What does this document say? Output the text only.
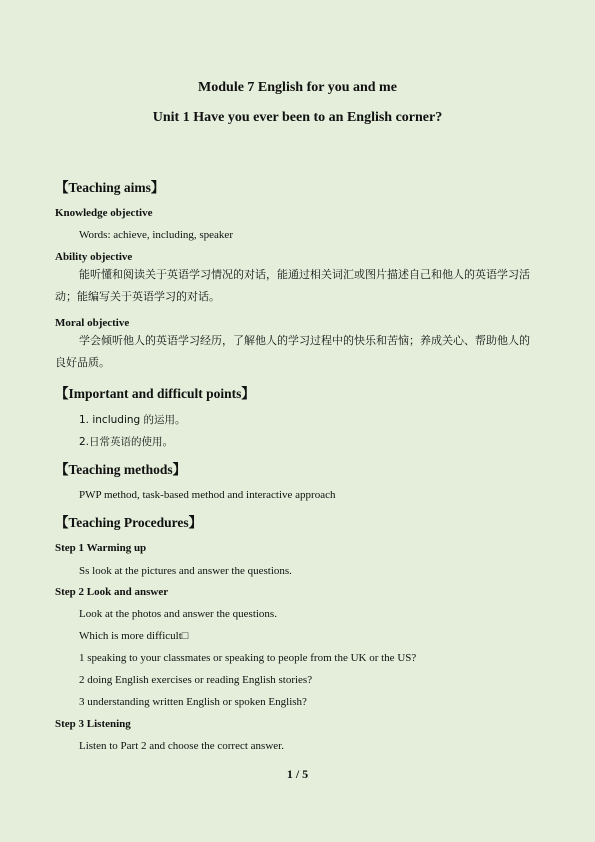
Module 7 English for you and me
Unit 1 Have you ever been to an English corner?
【Teaching aims】
Knowledge objective
Words: achieve, including, speaker
Ability objective
能听懂和阅读关于英语学习情况的对话，能通过相关词汇或图片描述自己和他人的英语学习活动；能编写关于英语学习的对话。
Moral objective
学会倾听他人的英语学习经历，了解他人的学习过程中的快乐和苦恼；养成关心、帮助他人的良好品质。
【Important and difficult points】
1. including 的运用。
2.日常英语的使用。
【Teaching methods】
PWP method, task-based method and interactive approach
【Teaching Procedures】
Step 1 Warming up
Ss look at the pictures and answer the questions.
Step 2 Look and answer
Look at the photos and answer the questions.
Which is more difficult□
1 speaking to your classmates or speaking to people from the UK or the US?
2 doing English exercises or reading English stories?
3 understanding written English or spoken English?
Step 3 Listening
Listen to Part 2 and choose the correct answer.
1 / 5
